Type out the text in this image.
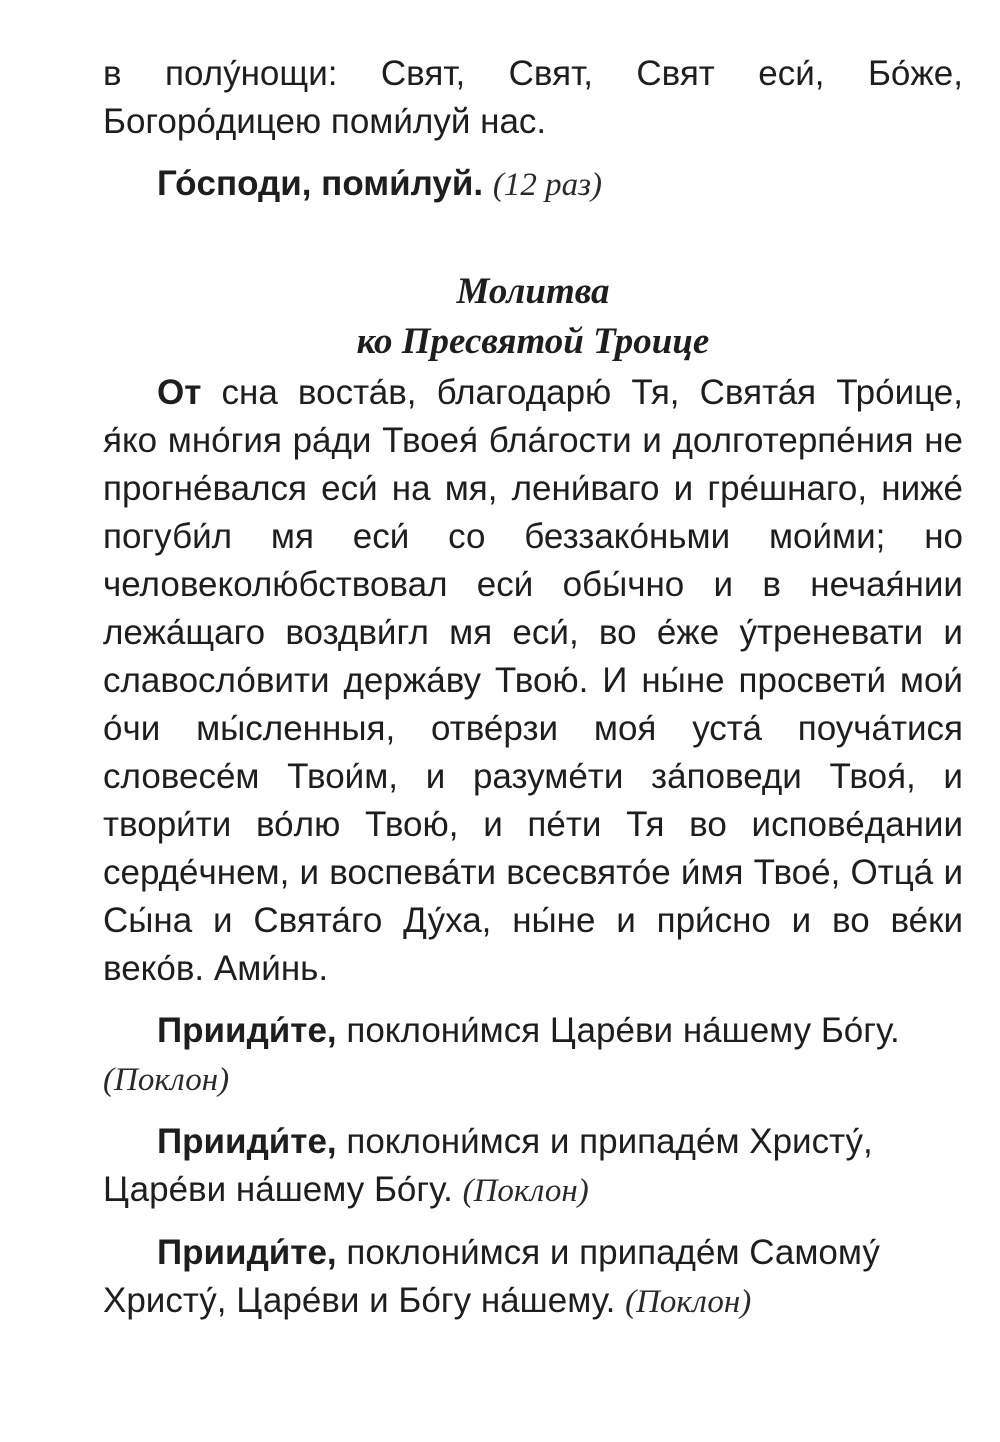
в полу́нощи: Свят, Свят, Свят еси́, Бо́же, Богоро́дицею поми́луй нас.

Го́споди, поми́луй. (12 раз)

Молитва

ко Пресвятой Троице

От сна воста́в, благодарю́ Тя, Свята́я Тро́ице, я́ко мно́гия ра́ди Твоея́ бла́гости и долготерпе́ния не прогне́вался еси́ на мя, лени́ваго и гре́шнаго, ниже́ погуби́л мя еси́ со беззако́ньми мои́ми; но человеколю́бствовал еси́ обы́чно и в нечая́нии лежа́щаго воздви́гл мя еси́, во е́же у́треневати и славосло́вити держа́ву Твою́. И ны́не просвети́ мои́ о́чи мы́сленныя, отве́рзи моя́ уста́ поуча́тися словесе́м Твои́м, и разуме́ти за́поведи Твоя́, и твори́ти во́лю Твою́, и пе́ти Тя во испове́дании серде́чнем, и воспева́ти всесвято́е и́мя Твое́, Отца́ и Сы́на и Свята́го Ду́ха, ны́не и при́сно и во ве́ки веко́в. Ами́нь.

Прииди́те, поклони́мся Царе́ви на́шему Бо́гу. (Поклон)

Прииди́те, поклони́мся и припаде́м Христу́, Царе́ви на́шему Бо́гу. (Поклон)

Прииди́те, поклони́мся и припаде́м Самому́ Христу́, Царе́ви и Бо́гу на́шему. (Поклон)
